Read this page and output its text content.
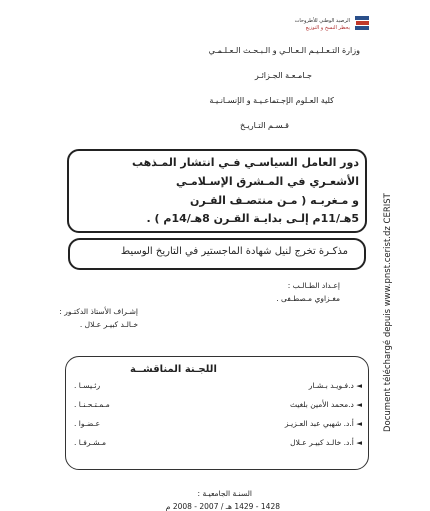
الرصيد الوطني للأطروحات
يحظر النسخ و التوزيع
وزارة التـعـلـيـم الـعـالـي و الـبـحـث الـعـلـمـي
جـامـعـة الجـزائـر
كلية العـلوم الإجـتماعـيـة و الإنسـانـيـة
قـسـم التـاريـخ
دور العامل السياسـي فـي انتشار المـذهب
الأشعـري في المـشرق الإسـلامـي
و مـغربـه ( مـن منتصـف القـرن
5هـ/11م إلـى بدايـة القـرن 8هـ/14م ) .
مذكـرة تخرج لنيل شهادة الماجستير في التاريخ الوسيط
إعـداد الطـالـب :
مغـزاوي مـصطـفى .
إشـراف الأستاذ الدكتـور :
خـالـد كبيـر عـلال .
اللجـنة المناقشــة
◄ د.فـويـد بـشـار
رئـيسـا .
◄ د.محمد الأمين بلغيث
مـمـتـحـنـا .
◄ أ.د. شهبي عبد العـزيـز
عـضـوا .
◄ أ.د. خالـد كبيـر عـلال
مـشـرفـا .
السنـة الجامعيـة :
1428 - 1429 هـ / 2007 - 2008 م
Document téléchargé depuis www.pnst.cerist.dz CERIST
